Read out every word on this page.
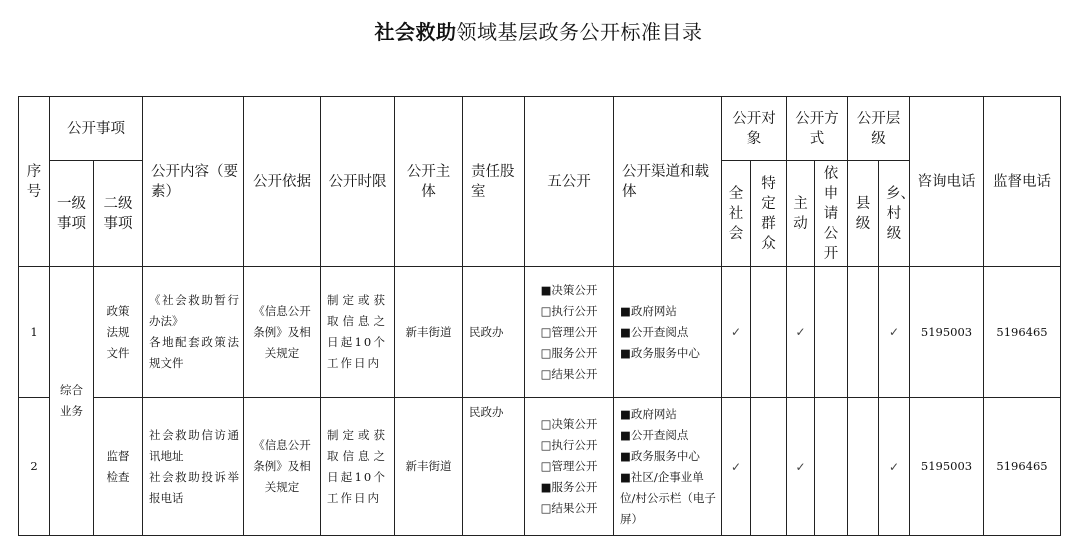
社会救助领域基层政务公开标准目录
序号	公开事项		公开内容（要素）	公开依据	公开时限	公开主体	责任股室	五公开	公开渠道和载体	公开对象		公开方式		公开层级		咨询电话	监督电话

	一级事项	二级事项								全社会	特定群众	主动	依申请公开	县级	乡、村级		

1	综合业务	政策法规文件	《社会救助暂行办法》
各地配套政策法规文件	《信息公开条例》及相关规定	制定或获取信息之日起10个工作日内	新丰街道	民政办	■决策公开
□执行公开
□管理公开
□服务公开
□结果公开	■政府网站
■公开查阅点
■政务服务中心	✓		✓			✓	5195003	5196465
2		监督检查	社会救助信访通讯地址
社会救助投诉举报电话	《信息公开条例》及相关规定	制定或获取信息之日起10个工作日内	新丰街道	民政办	□决策公开
□执行公开
□管理公开
■服务公开
□结果公开	■政府网站
■公开查阅点
■政务服务中心
■社区/企事业单位/村公示栏（电子屏）	✓		✓			✓	5195003	5196465
